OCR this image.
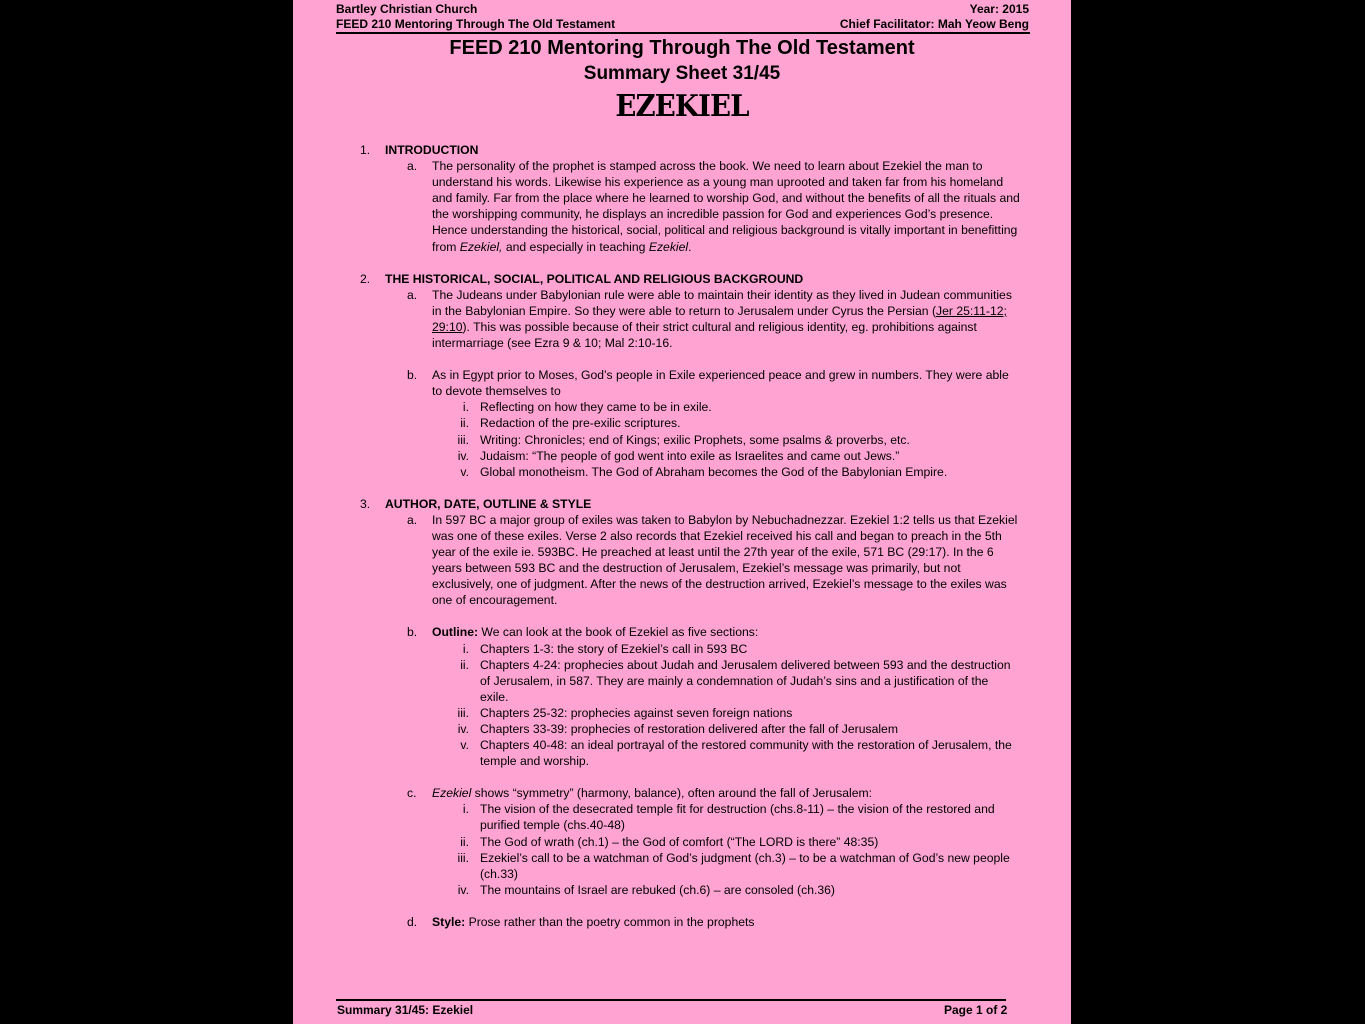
Bartley Christian Church	Year: 2015
FEED 210 Mentoring Through The Old Testament	Chief Facilitator: Mah Yeow Beng
FEED 210 Mentoring Through The Old Testament
Summary Sheet 31/45
EZEKIEL
1. INTRODUCTION
a. The personality of the prophet is stamped across the book. We need to learn about Ezekiel the man to understand his words. Likewise his experience as a young man uprooted and taken far from his homeland and family. Far from the place where he learned to worship God, and without the benefits of all the rituals and the worshipping community, he displays an incredible passion for God and experiences God’s presence. Hence understanding the historical, social, political and religious background is vitally important in benefitting from Ezekiel, and especially in teaching Ezekiel.
2. THE HISTORICAL, SOCIAL, POLITICAL AND RELIGIOUS BACKGROUND
a. The Judeans under Babylonian rule were able to maintain their identity as they lived in Judean communities in the Babylonian Empire. So they were able to return to Jerusalem under Cyrus the Persian (Jer 25:11-12; 29:10). This was possible because of their strict cultural and religious identity, eg. prohibitions against intermarriage (see Ezra 9 & 10; Mal 2:10-16.
b. As in Egypt prior to Moses, God’s people in Exile experienced peace and grew in numbers. They were able to devote themselves to
i. Reflecting on how they came to be in exile.
ii. Redaction of the pre-exilic scriptures.
iii. Writing: Chronicles; end of Kings; exilic Prophets, some psalms & proverbs, etc.
iv. Judaism: “The people of god went into exile as Israelites and came out Jews.”
v. Global monotheism. The God of Abraham becomes the God of the Babylonian Empire.
3. AUTHOR, DATE, OUTLINE & STYLE
a. In 597 BC a major group of exiles was taken to Babylon by Nebuchadnezzar. Ezekiel 1:2 tells us that Ezekiel was one of these exiles. Verse 2 also records that Ezekiel received his call and began to preach in the 5th year of the exile ie. 593BC. He preached at least until the 27th year of the exile, 571 BC (29:17). In the 6 years between 593 BC and the destruction of Jerusalem, Ezekiel’s message was primarily, but not exclusively, one of judgment. After the news of the destruction arrived, Ezekiel’s message to the exiles was one of encouragement.
b. Outline: We can look at the book of Ezekiel as five sections:
i. Chapters 1-3: the story of Ezekiel’s call in 593 BC
ii. Chapters 4-24: prophecies about Judah and Jerusalem delivered between 593 and the destruction of Jerusalem, in 587. They are mainly a condemnation of Judah’s sins and a justification of the exile.
iii. Chapters 25-32: prophecies against seven foreign nations
iv. Chapters 33-39: prophecies of restoration delivered after the fall of Jerusalem
v. Chapters 40-48: an ideal portrayal of the restored community with the restoration of Jerusalem, the temple and worship.
c. Ezekiel shows “symmetry” (harmony, balance), often around the fall of Jerusalem:
i. The vision of the desecrated temple fit for destruction (chs.8-11) – the vision of the restored and purified temple (chs.40-48)
ii. The God of wrath (ch.1) – the God of comfort (“The LORD is there” 48:35)
iii. Ezekiel’s call to be a watchman of God’s judgment (ch.3) – to be a watchman of God’s new people (ch.33)
iv. The mountains of Israel are rebuked (ch.6) – are consoled (ch.36)
d. Style: Prose rather than the poetry common in the prophets
Summary 31/45: Ezekiel	Page 1 of 2
